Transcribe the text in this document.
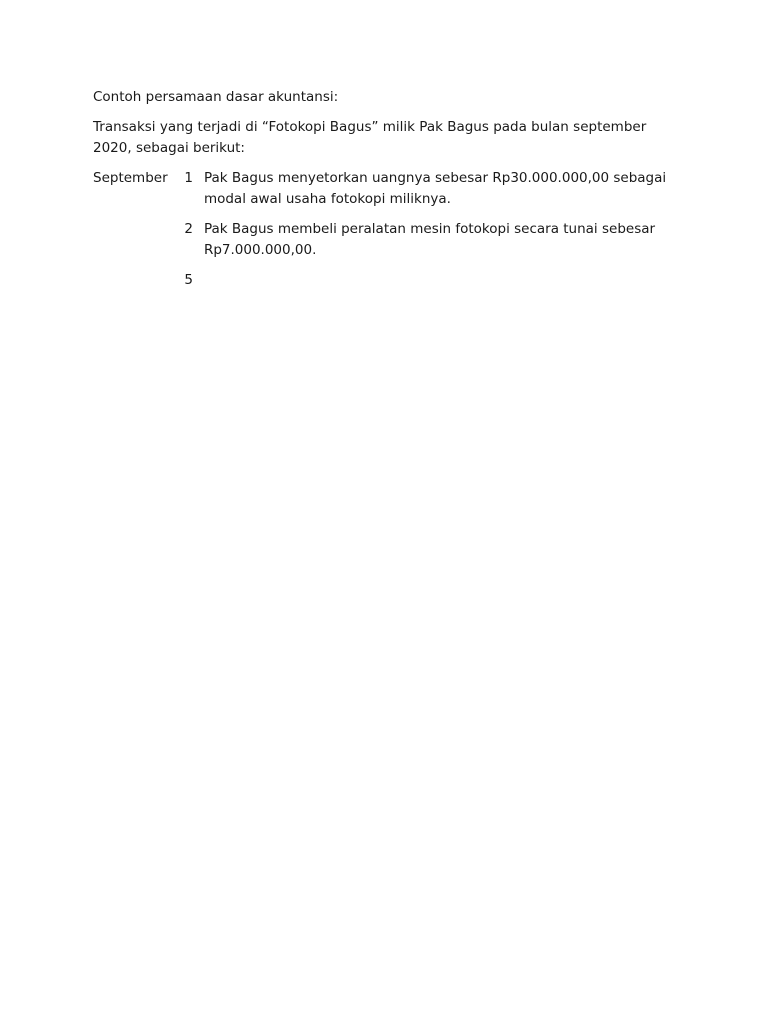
Contoh persamaan dasar akuntansi:

Transaksi yang terjadi di “Fotokopi Bagus” milik Pak Bagus pada bulan september 2020, sebagai berikut:

September	1	Pak Bagus menyetorkan uangnya sebesar Rp30.000.000,00 sebagai modal awal usaha fotokopi miliknya.
	2	Pak Bagus membeli peralatan mesin fotokopi secara tunai sebesar Rp7.000.000,00.
	5	
